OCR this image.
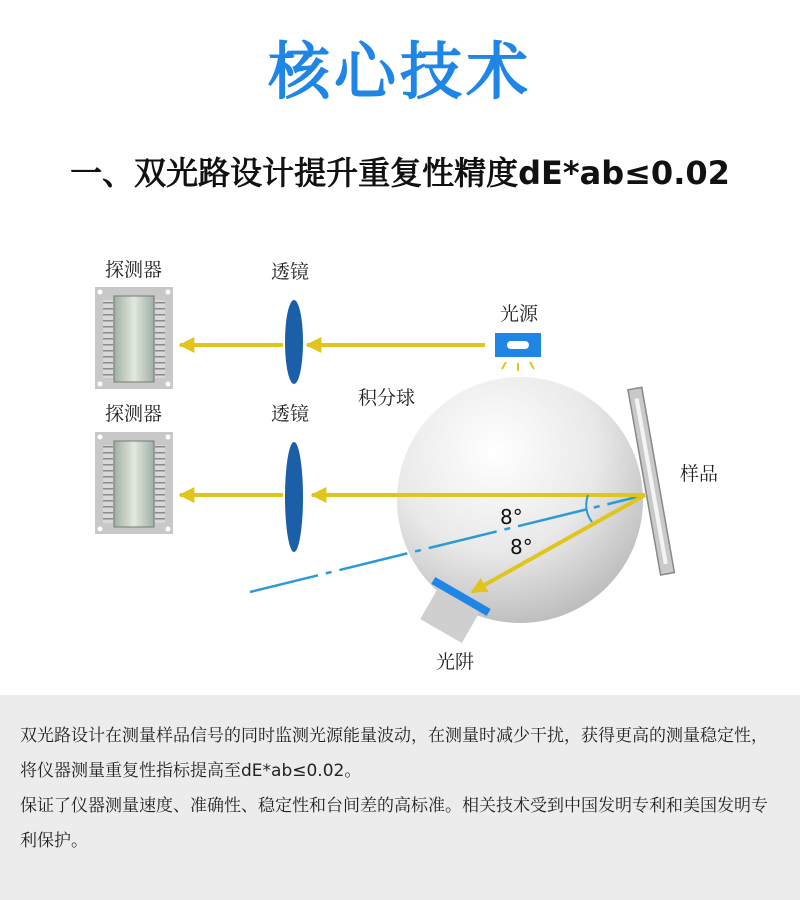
核心技术
一、双光路设计提升重复性精度dE*ab≤0.02
探测器	透镜
光源
探测器	透镜
积分球
样品
8°
8°
光阱

双光路设计在测量样品信号的同时监测光源能量波动，在测量时减少干扰，获得更高的测量稳定性，将仪器测量重复性指标提高至dE*ab≤0.02。

保证了仪器测量速度、准确性、稳定性和台间差的高标准。相关技术受到中国发明专利和美国发明专利保护。
